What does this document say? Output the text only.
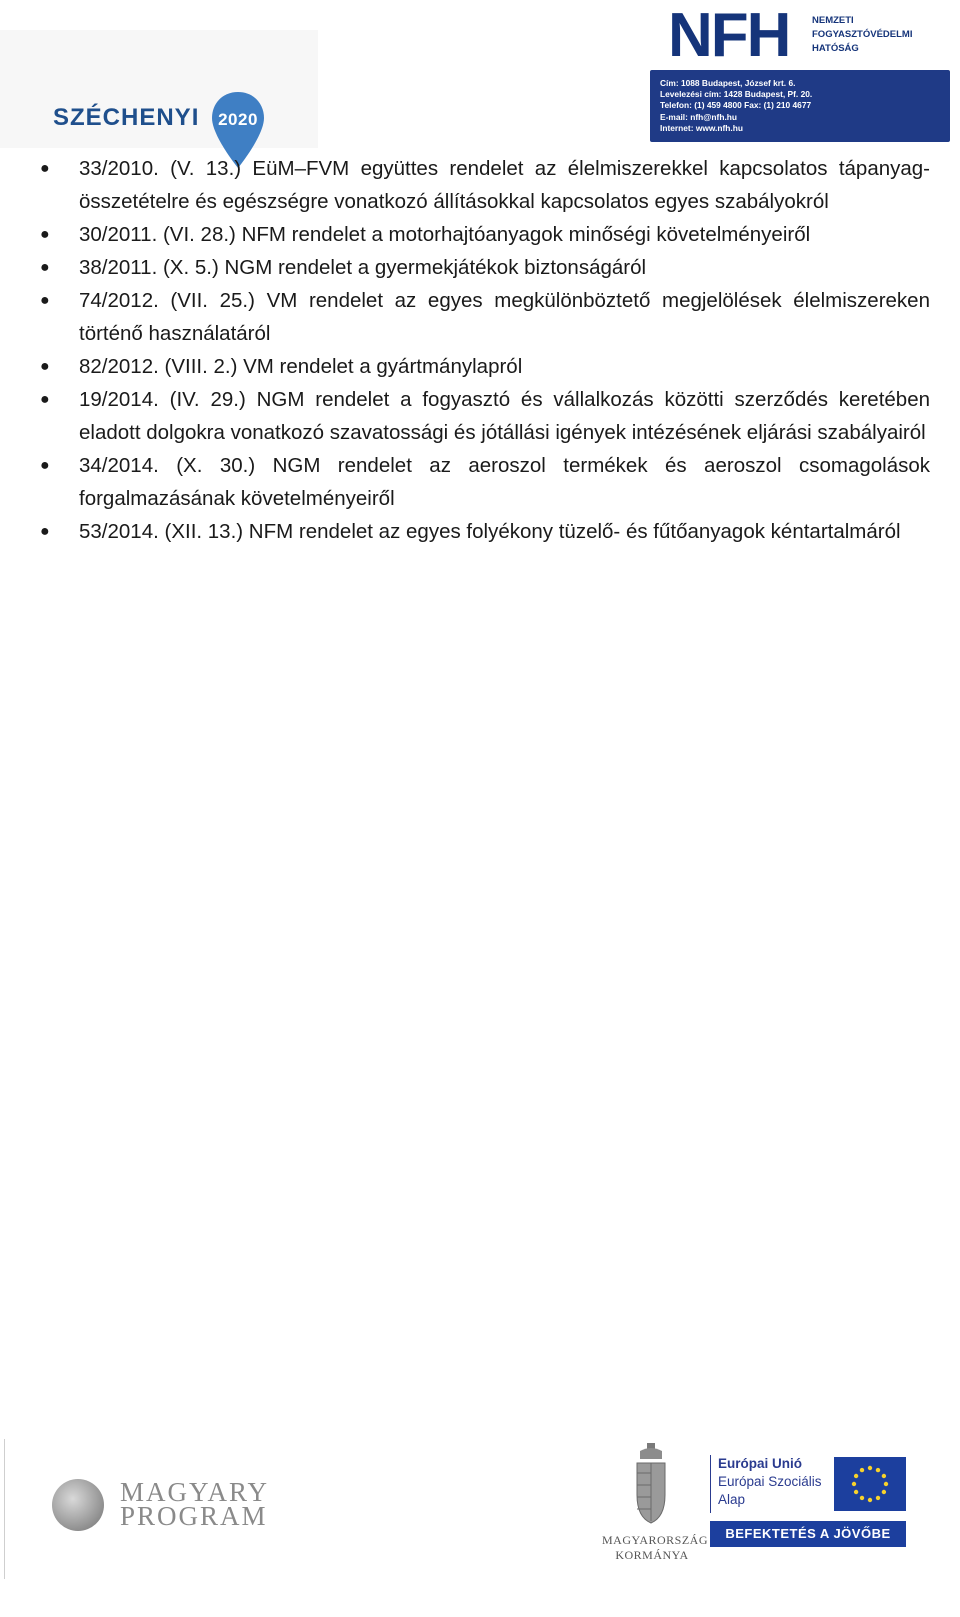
SZÉCHENYI	2020
NFH NEMZETI
FOGYASZTÓVÉDELMI
HATÓSÁG
Cím: 1088 Budapest, József krt. 6.
Levelezési cím: 1428 Budapest, Pf. 20.
Telefon: (1) 459 4800 Fax: (1) 210 4677
E-mail: nfh@nfh.hu
Internet: www.nfh.hu
● 33/2010. (V. 13.) EüM–FVM együttes rendelet az élelmiszerekkel kapcsolatos tápanyag-összetételre és egészségre vonatkozó állításokkal kapcsolatos egyes szabályokról
● 30/2011. (VI. 28.) NFM rendelet a motorhajtóanyagok minőségi követelményeiről
● 38/2011. (X. 5.) NGM rendelet a gyermekjátékok biztonságáról
● 74/2012. (VII. 25.) VM rendelet az egyes megkülönböztető megjelölések élelmiszereken történő használatáról
● 82/2012. (VIII. 2.) VM rendelet a gyártmánylapról
● 19/2014. (IV. 29.) NGM rendelet a fogyasztó és vállalkozás közötti szerződés keretében eladott dolgokra vonatkozó szavatossági és jótállási igények intézésének eljárási szabályairól
● 34/2014. (X. 30.) NGM rendelet az aeroszol termékek és aeroszol csomagolások forgalmazásának követelményeiről
● 53/2014. (XII. 13.) NFM rendelet az egyes folyékony tüzelő- és fűtőanyagok kéntartalmáról
MAGYARY
PROGRAM
MAGYARORSZÁG
KORMÁNYA
Európai Unió
Európai Szociális
Alap
BEFEKTETÉS A JÖVŐBE
